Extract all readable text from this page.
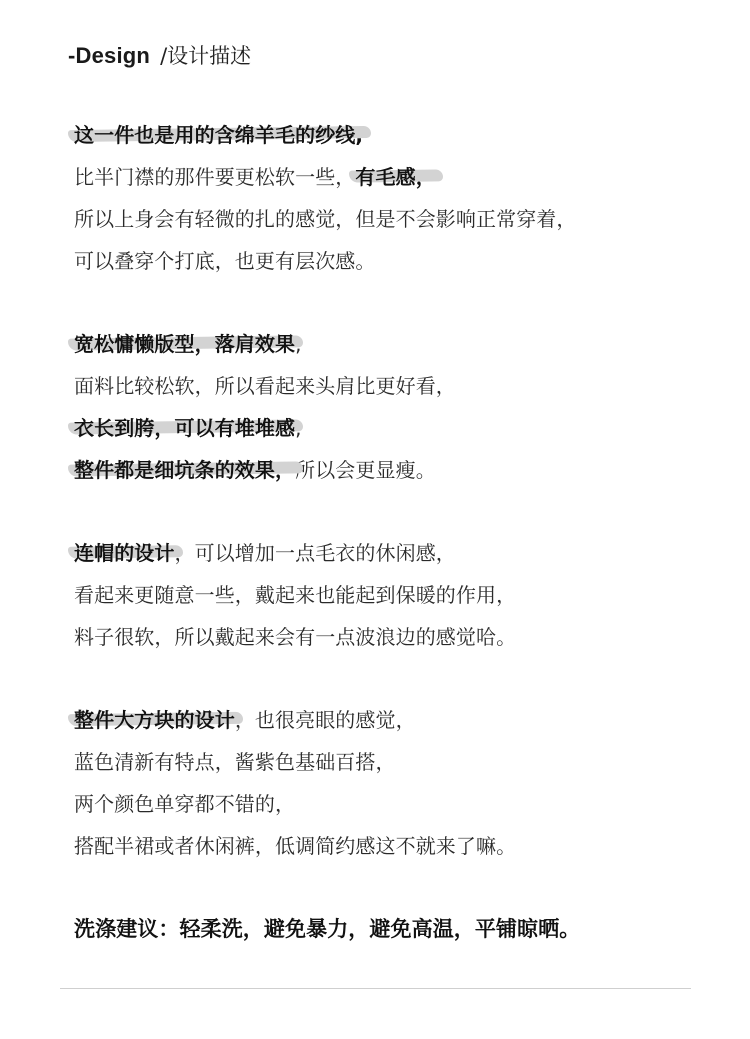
-Design /设计描述
这一件也是用的含绵羊毛的纱线,
比半门襟的那件要更松软一些，有毛感，
所以上身会有轻微的扎的感觉，但是不会影响正常穿着，
可以叠穿个打底，也更有层次感。
宽松慵懒版型，落肩效果,
面料比较松软，所以看起来头肩比更好看，
衣长到胯，可以有堆堆感,
整件都是细坑条的效果，所以会更显瘦。
连帽的设计，可以增加一点毛衣的休闲感，
看起来更随意一些，戴起来也能起到保暖的作用，
料子很软，所以戴起来会有一点波浪边的感觉哈。
整件大方块的设计，也很亮眼的感觉，
蓝色清新有特点，酱紫色基础百搭，
两个颜色单穿都不错的，
搭配半裙或者休闲裤，低调简约感这不就来了嘛。
洗涤建议：轻柔洗，避免暴力，避免高温，平铺晾晒。
